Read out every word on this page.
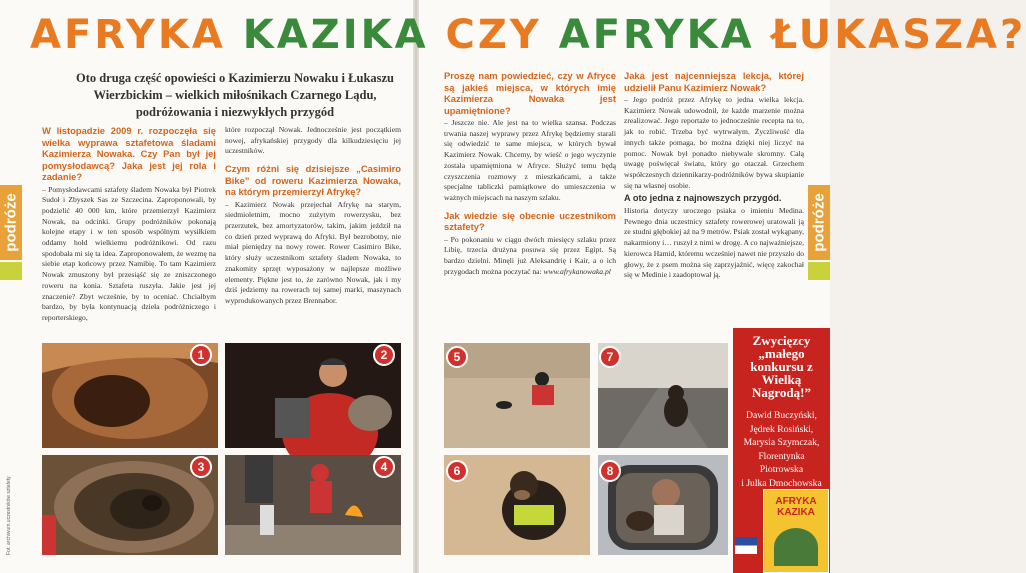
AFRYKA KAZIKA CZY AFRYKA ŁUKASZA?
Oto druga część opowieści o Kazimierzu Nowaku i Łukaszu Wierzbickim – wielkich miłośnikach Czarnego Lądu, podróżowania i niezwykłych przygód
podróże	podróże

W listopadzie 2009 r. rozpoczęła się wielka wyprawa sztafetowa śladami Kazimierza Nowaka. Czy Pan był jej pomysłodawcą? Jaka jest jej rola i zadanie?

– Pomysłodawcami sztafety śladem Nowaka był Piotrek Sudoł i Zbyszek Sas ze Szczecina. Zaproponowali, by podzielić 40 000 km, które przemierzył Kazimierz Nowak, na odcinki. Grupy podróżników pokonają kolejne etapy i w ten sposób wspólnym wysiłkiem oddamy hołd wielkiemu podróżnikowi. Od razu spodobała mi się ta idea. Zaproponowałem, że wezmę na siebie etap końcowy przez Namibię. To tam Kazimierz Nowak zmuszony był przesiąść się ze zniszczonego roweru na konia. Sztafeta ruszyła. Jakie jest jej znaczenie? Zbyt wcześnie, by to oceniać. Chciałbym bardzo, by była kontynuacją dzieła podróżniczego i reporterskiego,

które rozpoczął Nowak. Jednocześnie jest początkiem nowej, afrykańskiej przygody dla kilkudziesięciu jej uczestników.

Czym różni się dzisiejsze „Casimiro Bike” od roweru Kazimierza Nowaka, na którym przemierzył Afrykę?

– Kazimierz Nowak przejechał Afrykę na starym, siedmioletnim, mocno zużytym rowerzysku, bez przerzutek, bez amortyzatorów, takim, jakim jeździł na co dzień przed wyprawą do Afryki. Był bezrobotny, nie miał pieniędzy na nowy rower. Rower Casimiro Bike, który służy uczestnikom sztafety śladem Nowaka, to znakomity sprzęt wyposażony w najlepsze możliwe elementy. Piękne jest to, że zarówno Nowak, jak i my dziś jedziemy na rowerach tej samej marki, maszynach wyprodukowanych przez Brennabor.

Proszę nam powiedzieć, czy w Afryce są jakieś miejsca, w których imię Kazimierza Nowaka jest upamiętnione?

– Jeszcze nie. Ale jest na to wielka szansa. Podczas trwania naszej wyprawy przez Afrykę będziemy starali się odwiedzić te same miejsca, w których bywał Kazimierz Nowak. Chcemy, by wieść o jego wyczynie została upamiętniona w Afryce. Służyć temu będą czyszczenia rozmowy z mieszkańcami, a także specjalne tabliczki pamiątkowe do umieszczenia w ważnych miejscach na naszym szlaku.

Jak wiedzie się obecnie uczestnikom sztafety?

– Po pokonaniu w ciągu dwóch miesięcy szlaku przez Libię, trzecia drużyna posuwa się przez Egipt. Są bardzo dzielni. Minęli już Aleksandrię i Kair, a o ich przygodach można poczytać na: www.afrykanowaka.pl

Jaka jest najcenniejsza lekcja, której udzielił Panu Kazimierz Nowak?

– Jego podróż przez Afrykę to jedna wielka lekcja. Kazimierz Nowak udowodnił, że każde marzenie można zrealizować. Jego reportaże to jednocześnie recepta na to, jak to robić. Trzeba być wytrwałym. Życzliwość dla innych także pomaga, bo można dzięki niej liczyć na pomoc. Nowak był ponadto niebywale skromny. Całą uwagę poświęcał światu, który go otaczał. Grzechem współczesnych dziennikarzy-podróżników bywa skupianie się na własnej osobie.

A oto jedna z najnowszych przygód.

Historia dotyczy uroczego psiaka o imieniu Medina. Pewnego dnia uczestnicy sztafety rowerowej uratowali ją ze studni głębokiej aż na 9 metrów. Psiak został wykąpany, nakarmiony i… ruszył z nimi w drogę. A co najważniejsze, kierowca Hamid, któremu wcześniej nawet nie przyszło do głowy, że z psem można się zaprzyjaźnić, więcę zakochał się w Medinie i zaadoptował ją.

1	2
3	4
5	7
6	8
Zwycięzcy „małego konkursu z Wielką Nagrodą!”
Dawid Buczyński,
Jędrek Rosiński,
Marysia Szymczak,
Florentynka
Piotrowska
i Julka Dmochowska
AFRYKA KAZIKA
Fot. archiwum uczestników sztafety
